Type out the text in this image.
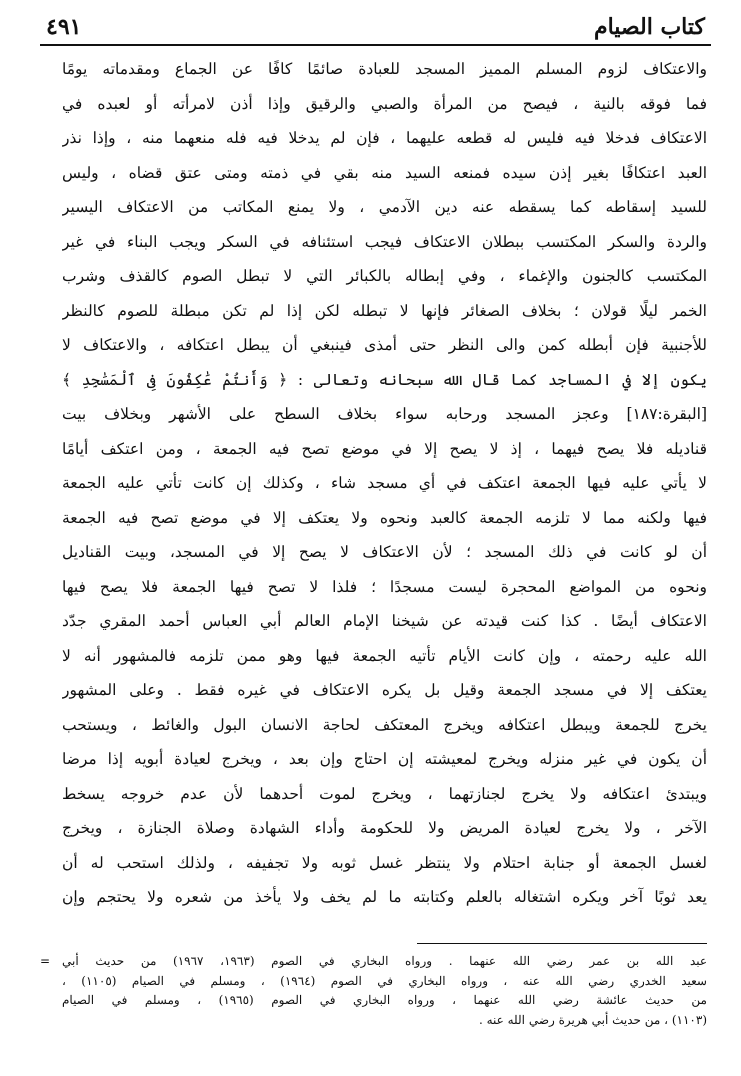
كتاب الصيام
٤٩١
والاعتكاف لزوم المسلم المميز المسجد للعبادة صائمًا كافًا عن الجماع ومقدماته يومًا
فما فوقه بالنية ، فيصح من المرأة والصبي والرقيق وإذا أذن لامرأته أو لعبده في
الاعتكاف فدخلا فيه فليس له قطعه عليهما ، فإن لم يدخلا فيه فله منعهما منه ، وإذا نذر
العبد اعتكافًا بغير إذن سيده فمنعه السيد منه بقي في ذمته ومتى عتق قضاه ، وليس
للسيد إسقاطه كما يسقطه عنه دين الآدمي ، ولا يمنع المكاتب من الاعتكاف اليسير
والردة والسكر المكتسب ببطلان الاعتكاف فيجب استئنافه في السكر ويجب البناء في غير
المكتسب كالجنون والإغماء ، وفي إبطاله بالكبائر التي لا تبطل الصوم كالقذف وشرب
الخمر ليلًا قولان ؛ بخلاف الصغائر فإنها لا تبطله لكن إذا لم تكن مبطلة للصوم كالنظر
للأجنبية فإن أبطله كمن والى النظر حتى أمذى فينبغي أن يبطل اعتكافه ، والاعتكاف لا
يكون إلا في المساجد كما قال الله سبحانه وتعالى : ﴿ وَأَنتُمْ عَٰكِفُونَ فِى ٱلْمَسَٰجِدِ ﴾
[البقرة:١٨٧] وعجز المسجد ورحابه سواء بخلاف السطح على الأشهر وبخلاف بيت
قناديله فلا يصح فيهما ، إذ لا يصح إلا في موضع تصح فيه الجمعة ، ومن اعتكف أيامًا
لا يأتي عليه فيها الجمعة اعتكف في أي مسجد شاء ، وكذلك إن كانت تأتي عليه الجمعة
فيها ولكنه مما لا تلزمه الجمعة كالعبد ونحوه ولا يعتكف إلا في موضع تصح فيه الجمعة
أن لو كانت في ذلك المسجد ؛ لأن الاعتكاف لا يصح إلا في المسجد، وبيت القناديل
ونحوه من المواضع المحجرة ليست مسجدًا ؛ فلذا لا تصح فيها الجمعة فلا يصح فيها
الاعتكاف أيضًا . كذا كنت قيدته عن شيخنا الإمام العالم أبي العباس أحمد المقري جدّد
الله عليه رحمته ، وإن كانت الأيام تأتيه الجمعة فيها وهو ممن تلزمه فالمشهور أنه لا
يعتكف إلا في مسجد الجمعة وقيل بل يكره الاعتكاف في غيره فقط . وعلى المشهور
يخرج للجمعة ويبطل اعتكافه ويخرج المعتكف لحاجة الانسان البول والغائط ، ويستحب
أن يكون في غير منزله ويخرج لمعيشته إن احتاج وإن بعد ، ويخرج لعيادة أبويه إذا مرضا
ويبتدئ اعتكافه ولا يخرج لجنازتهما ، ويخرج لموت أحدهما لأن عدم خروجه يسخط
الآخر ، ولا يخرج لعيادة المريض ولا للحكومة وأداء الشهادة وصلاة الجنازة ، ويخرج
لغسل الجمعة أو جنابة احتلام ولا ينتظر غسل ثوبه ولا تجفيفه ، ولذلك استحب له أن
يعد ثوبًا آخر ويكره اشتغاله بالعلم وكتابته ما لم يخف ولا يأخذ من شعره ولا يحتجم وإن
= عبد الله بن عمر رضي الله عنهما . ورواه البخاري في الصوم (١٩٦٣، ١٩٦٧) من حديث أبي
سعيد الخدري رضي الله عنه ، ورواه البخاري في الصوم (١٩٦٤) ، ومسلم في الصيام (١١٠٥) ،
من حديث عائشة رضي الله عنهما ، ورواه البخاري في الصوم (١٩٦٥) ، ومسلم في الصيام
(١١٠٣) ، من حديث أبي هريرة رضي الله عنه .
